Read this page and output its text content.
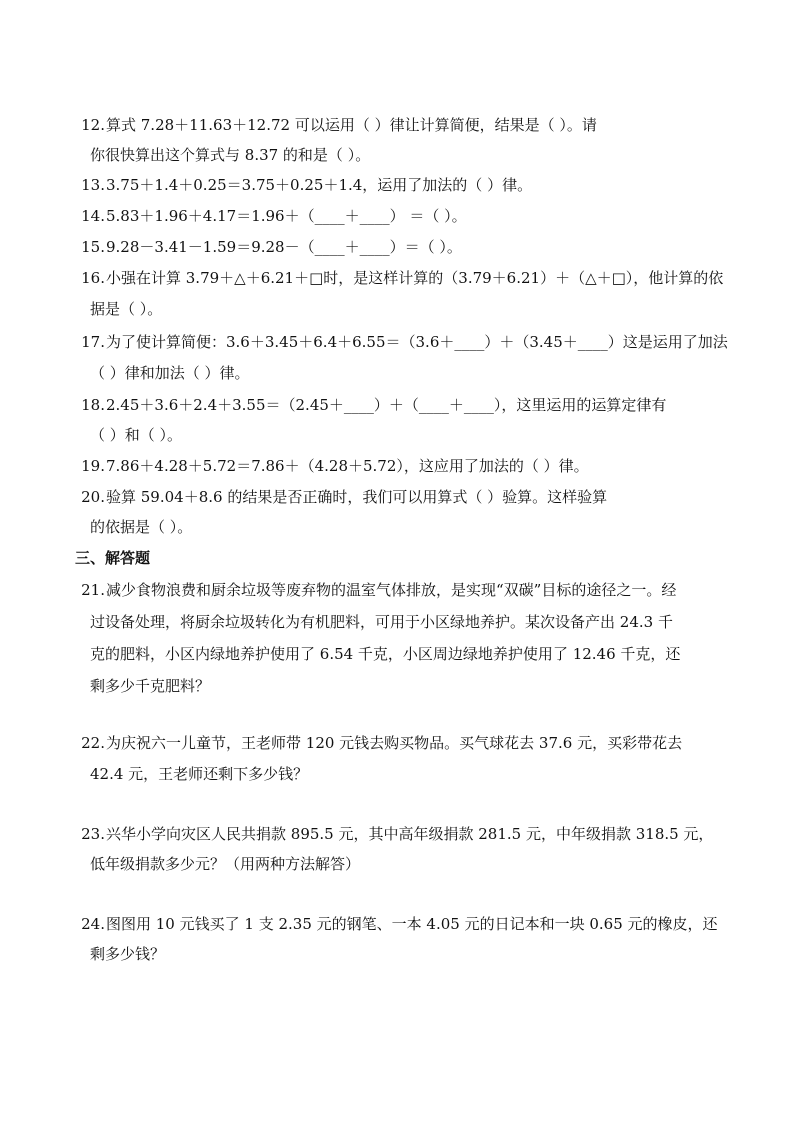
12. 算式 7.28＋11.63＋12.72 可以运用（ ）律让计算简便，结果是（ ）。请
你很快算出这个算式与 8.37 的和是（ ）。
13. 3.75＋1.4＋0.25＝3.75＋0.25＋1.4，运用了加法的（ ）律。
14. 5.83＋1.96＋4.17＝1.96＋（____＋____） ＝（ ）。
15. 9.28－3.41－1.59＝9.28－（____＋____）＝（ ）。
16. 小强在计算 3.79＋△＋6.21＋□时，是这样计算的（3.79＋6.21）＋（△＋□），他计算的依
据是（ ）。
17. 为了使计算简便：3.6＋3.45＋6.4＋6.55＝（3.6＋____）＋（3.45＋____）这是运用了加法
（ ）律和加法（ ）律。
18. 2.45＋3.6＋2.4＋3.55＝（2.45＋____）＋（____＋____），这里运用的运算定律有
（ ）和（ ）。
19. 7.86＋4.28＋5.72＝7.86＋（4.28＋5.72），这应用了加法的（ ）律。
20. 验算 59.04＋8.6 的结果是否正确时，我们可以用算式（ ）验算。这样验算
的依据是（ ）。
三、解答题
21. 减少食物浪费和厨余垃圾等废弃物的温室气体排放，是实现“双碳”目标的途径之一。经
过设备处理，将厨余垃圾转化为有机肥料，可用于小区绿地养护。某次设备产出 24.3 千
克的肥料，小区内绿地养护使用了 6.54 千克，小区周边绿地养护使用了 12.46 千克，还
剩多少千克肥料？
22. 为庆祝六一儿童节，王老师带 120 元钱去购买物品。买气球花去 37.6 元，买彩带花去
42.4 元，王老师还剩下多少钱？
23. 兴华小学向灾区人民共捐款 895.5 元，其中高年级捐款 281.5 元，中年级捐款 318.5 元，
低年级捐款多少元？（用两种方法解答）
24. 图图用 10 元钱买了 1 支 2.35 元的钢笔、一本 4.05 元的日记本和一块 0.65 元的橡皮，还
剩多少钱？
